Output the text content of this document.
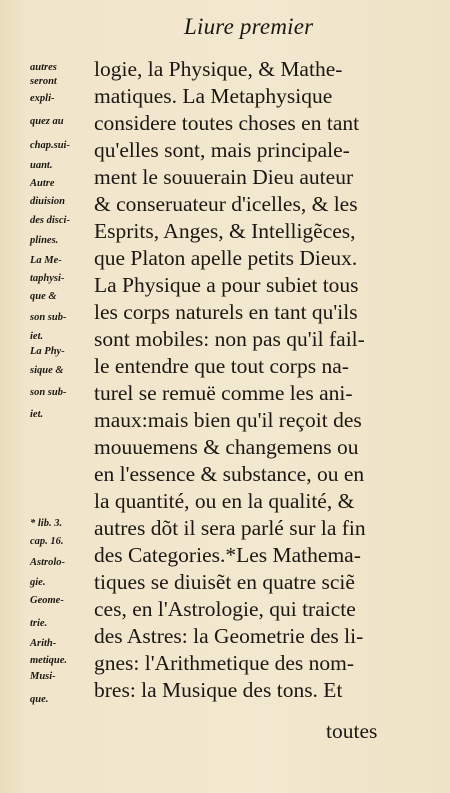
Liure premier
autres
seront
expli-
quez au
chap.sui-
uant.
Autre
diuision
des disci-
plines.
La Me-
taphysi-
que &
son sub-
iet.
La Phy-
sique &
son sub-
iet.
* lib. 3.
cap. 16.
Astrolo-
gie.
Geome-
trie.
Arith-
metique.
Musi-
que.
logie, la Physique, & Mathe-
matiques. La Metaphysique
considere toutes choses en tant
qu'elles sont, mais principale-
ment le souuerain Dieu auteur
& conseruateur d'icelles, & les
Esprits, Anges, & Intelligẽces,
que Platon apelle petits Dieux.
La Physique a pour subiet tous
les corps naturels en tant qu'ils
sont mobiles: non pas qu'il fail-
le entendre que tout corps na-
turel se remuë comme les ani-
maux:mais bien qu'il reçoit des
mouuemens & changemens ou
en l'essence & substance, ou en
la quantité, ou en la qualité, &
autres dõt il sera parlé sur la fin
des Categories.*Les Mathema-
tiques se diuisẽt en quatre sciẽ
ces, en l'Astrologie, qui traicte
des Astres: la Geometrie des li-
gnes: l'Arithmetique des nom-
bres: la Musique des tons. Et
toutes
